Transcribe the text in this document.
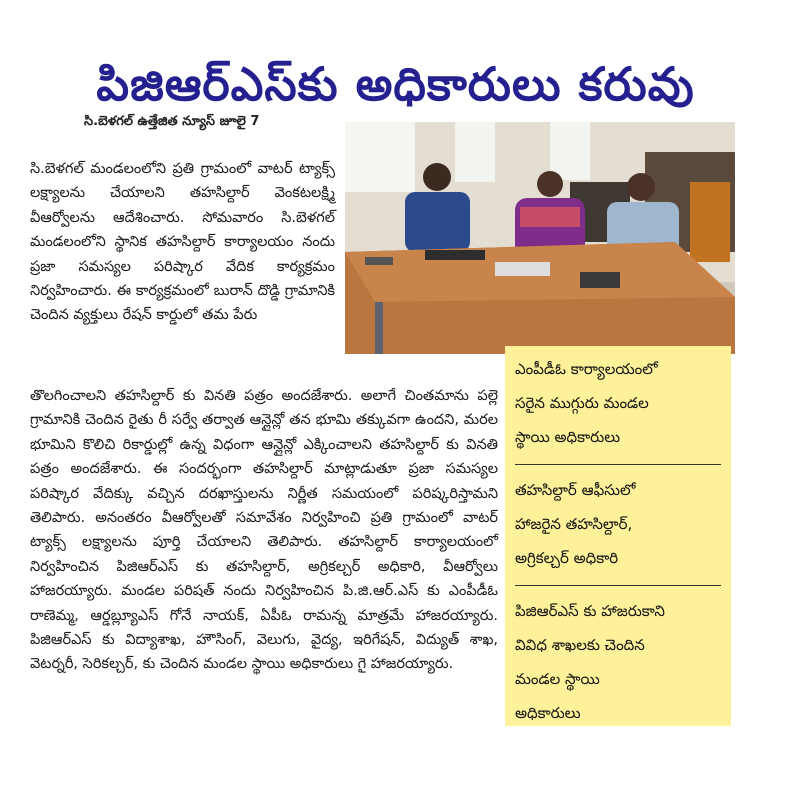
పిజిఆర్ఎస్‌కు అధికారులు కరువు
సి.బెళగల్ ఉత్తేజిత న్యూస్ జూలై 7
సి.బెళగల్ మండలంలోని ప్రతి గ్రామంలో వాటర్ ట్యాక్స్ లక్ష్యాలను చేయాలని తహసిల్దార్ వెంకటలక్ష్మి వీఆర్వోలను ఆదేశించారు. సోమవారం సి.బెళగల్ మండలంలోని స్థానిక తహసిల్దార్ కార్యాలయం నందు ప్రజా సమస్యల పరిష్కార వేదిక కార్యక్రమం నిర్వహించారు. ఈ కార్యక్రమంలో బురాన్ దొడ్డి గ్రామానికి చెందిన వ్యక్తులు రేషన్ కార్డులో తమ పేరు
తొలగించాలని తహసిల్దార్ కు వినతి పత్రం అందజేశారు. అలాగే చింతమాను పల్లె గ్రామానికి చెందిన రైతు రీ సర్వే తర్వాత ఆన్లైన్లో తన భూమి తక్కువగా ఉందని, మరల భూమిని కొలిచి రికార్డుల్లో ఉన్న విధంగా ఆన్లైన్లో ఎక్కించాలని తహసిల్దార్ కు వినతి పత్రం అందజేశారు. ఈ సందర్భంగా తహసిల్దార్ మాట్లాడుతూ ప్రజా సమస్యల పరిష్కార వేదిక్కు వచ్చిన దరఖాస్తులను నిర్ణీత సమయంలో పరిష్కరిస్తామని తెలిపారు. అనంతరం వీఆర్వోలతో సమావేశం నిర్వహించి ప్రతి గ్రామంలో వాటర్ ట్యాక్స్ లక్ష్యాలను పూర్తి చేయాలని తెలిపారు. తహసిల్దార్ కార్యాలయంలో నిర్వహించిన పిజిఆర్ఎస్ కు తహసిల్దార్, అగ్రికల్చర్ అధికారి, వీఆర్వోలు హాజరయ్యారు. మండల పరిషత్ నందు నిర్వహించిన పి.జి.ఆర్.ఎస్ కు ఎంపీడీఓ రాణెమ్మ, ఆర్డబ్ల్యూఎస్ గోనే నాయక్, ఏపీఓ రామన్న మాత్రమే హాజరయ్యారు. పిజిఆర్ఎస్ కు విద్యాశాఖ, హౌసింగ్, వెలుగు, వైద్య, ఇరిగేషన్, విద్యుత్ శాఖ, వెటర్నరీ, సెరికల్చర్, కు చెందిన మండల స్థాయి అధికారులు గై హాజరయ్యారు.
ఎంపీడీఓ కార్యాలయంలో
సరైన ముగ్గురు మండల
స్థాయి అధికారులు
తహసిల్దార్ ఆఫీసులో
హాజరైన తహసిల్దార్,
అగ్రికల్చర్ అధికారి
పిజిఆర్ఎస్ కు హాజరుకాని
వివిధ శాఖలకు చెందిన
మండల స్థాయి
అధికారులు
